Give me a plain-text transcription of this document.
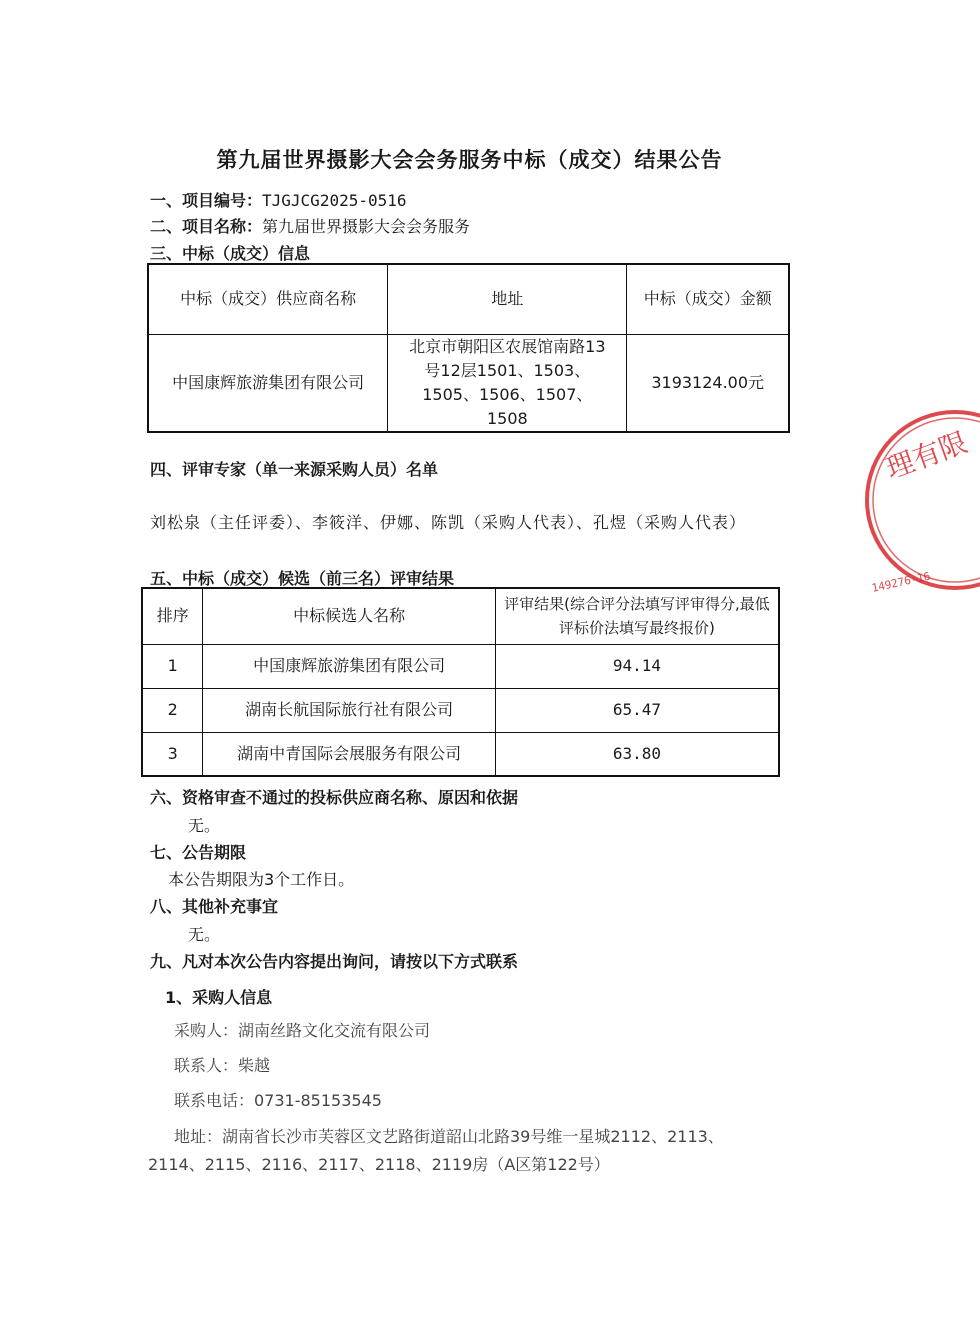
第九届世界摄影大会会务服务中标（成交）结果公告
一、项目编号：TJGJCG2025-0516
二、项目名称：第九届世界摄影大会会务服务
三、中标（成交）信息
中标（成交）供应商名称	地址	中标（成交）金额
中国康辉旅游集团有限公司	北京市朝阳区农展馆南路13号12层1501、1503、1505、1506、1507、1508	3193124.00元
四、评审专家（单一来源采购人员）名单
刘松泉（主任评委）、李筱洋、伊娜、陈凯（采购人代表）、孔煜（采购人代表）
五、中标（成交）候选（前三名）评审结果
排序	中标候选人名称	评审结果(综合评分法填写评审得分,最低评标价法填写最终报价)
1	中国康辉旅游集团有限公司	94.14
2	湖南长航国际旅行社有限公司	65.47
3	湖南中青国际会展服务有限公司	63.80
六、资格审查不通过的投标供应商名称、原因和依据
无。
七、公告期限
本公告期限为3个工作日。
八、其他补充事宜
无。
九、凡对本次公告内容提出询问，请按以下方式联系
1、采购人信息
采购人：湖南丝路文化交流有限公司
联系人：柴越
联系电话：0731-85153545
地址：湖南省长沙市芙蓉区文艺路街道韶山北路39号维一星城2112、2113、2114、2115、2116、2117、2118、2119房（A区第122号）
理有限
149276-16
